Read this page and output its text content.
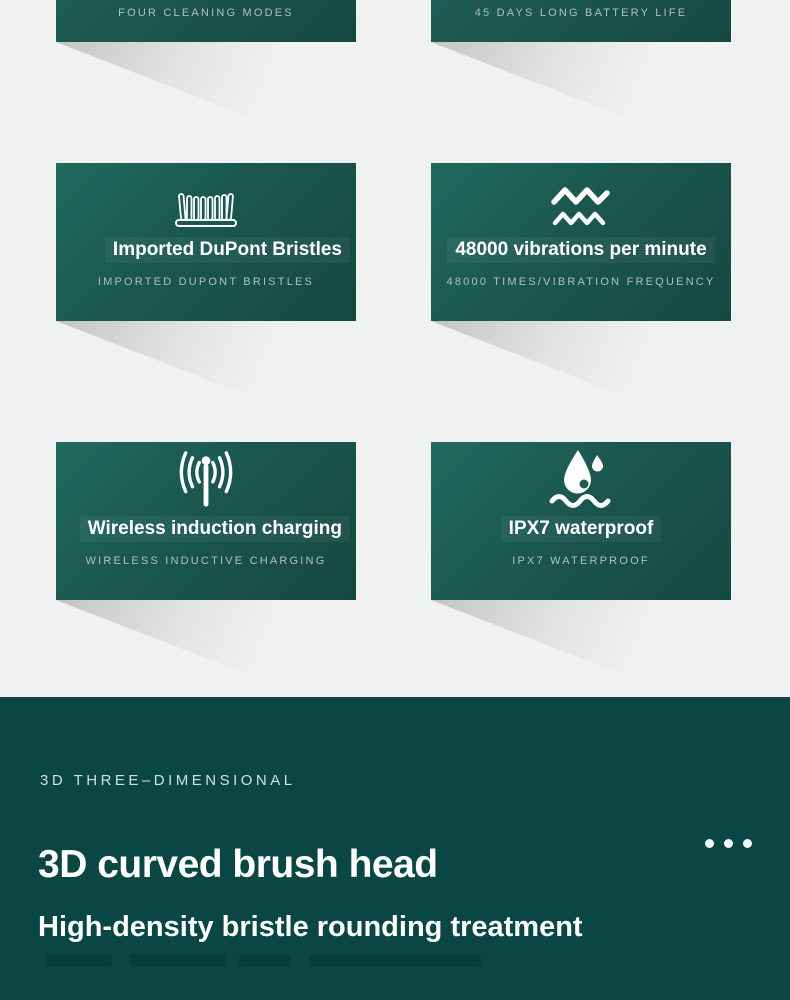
FOUR CLEANING MODES	45 DAYS LONG BATTERY LIFE
Imported DuPont Bristles
IMPORTED DUPONT BRISTLES
48000 vibrations per minute
48000 TIMES/VIBRATION FREQUENCY
Wireless induction charging
WIRELESS INDUCTIVE CHARGING
IPX7 waterproof
IPX7 WATERPROOF
3D THREE–DIMENSIONAL
3D curved brush head
High-density bristle rounding treatment
